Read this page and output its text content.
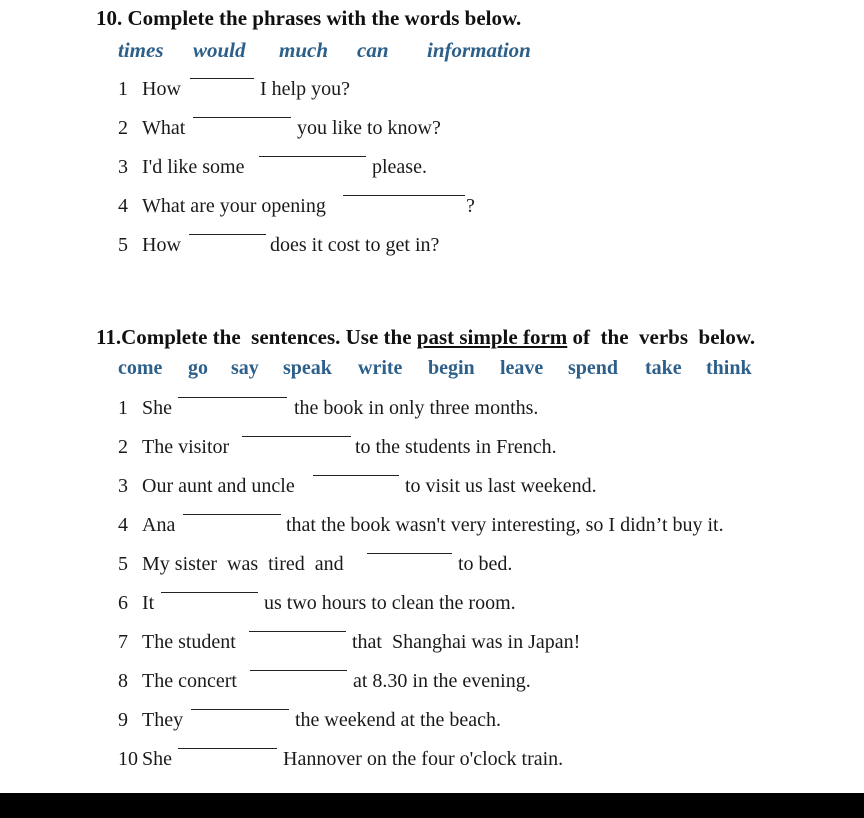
10. Complete the phrases with the words below.
times would much can information
1 How	I help you?
2 What	you like to know?
3 I'd like some	please.
4 What are your opening	?
5 How	does it cost to get in?
11.Complete the  sentences. Use the past simple form of  the  verbs  below.
come go say speak write begin leave spend take think
1 She	the book in only three months.
2 The visitor	to the students in French.
3 Our aunt and uncle	to visit us last weekend.
4 Ana	that the book wasn't very interesting, so I didn’t buy it.
5 My sister  was  tired  and	to bed.
6 It	us two hours to clean the room.
7 The student	that  Shanghai was in Japan!
8 The concert	at 8.30 in the evening.
9 They	the weekend at the beach.
10 She	Hannover on the four o'clock train.
